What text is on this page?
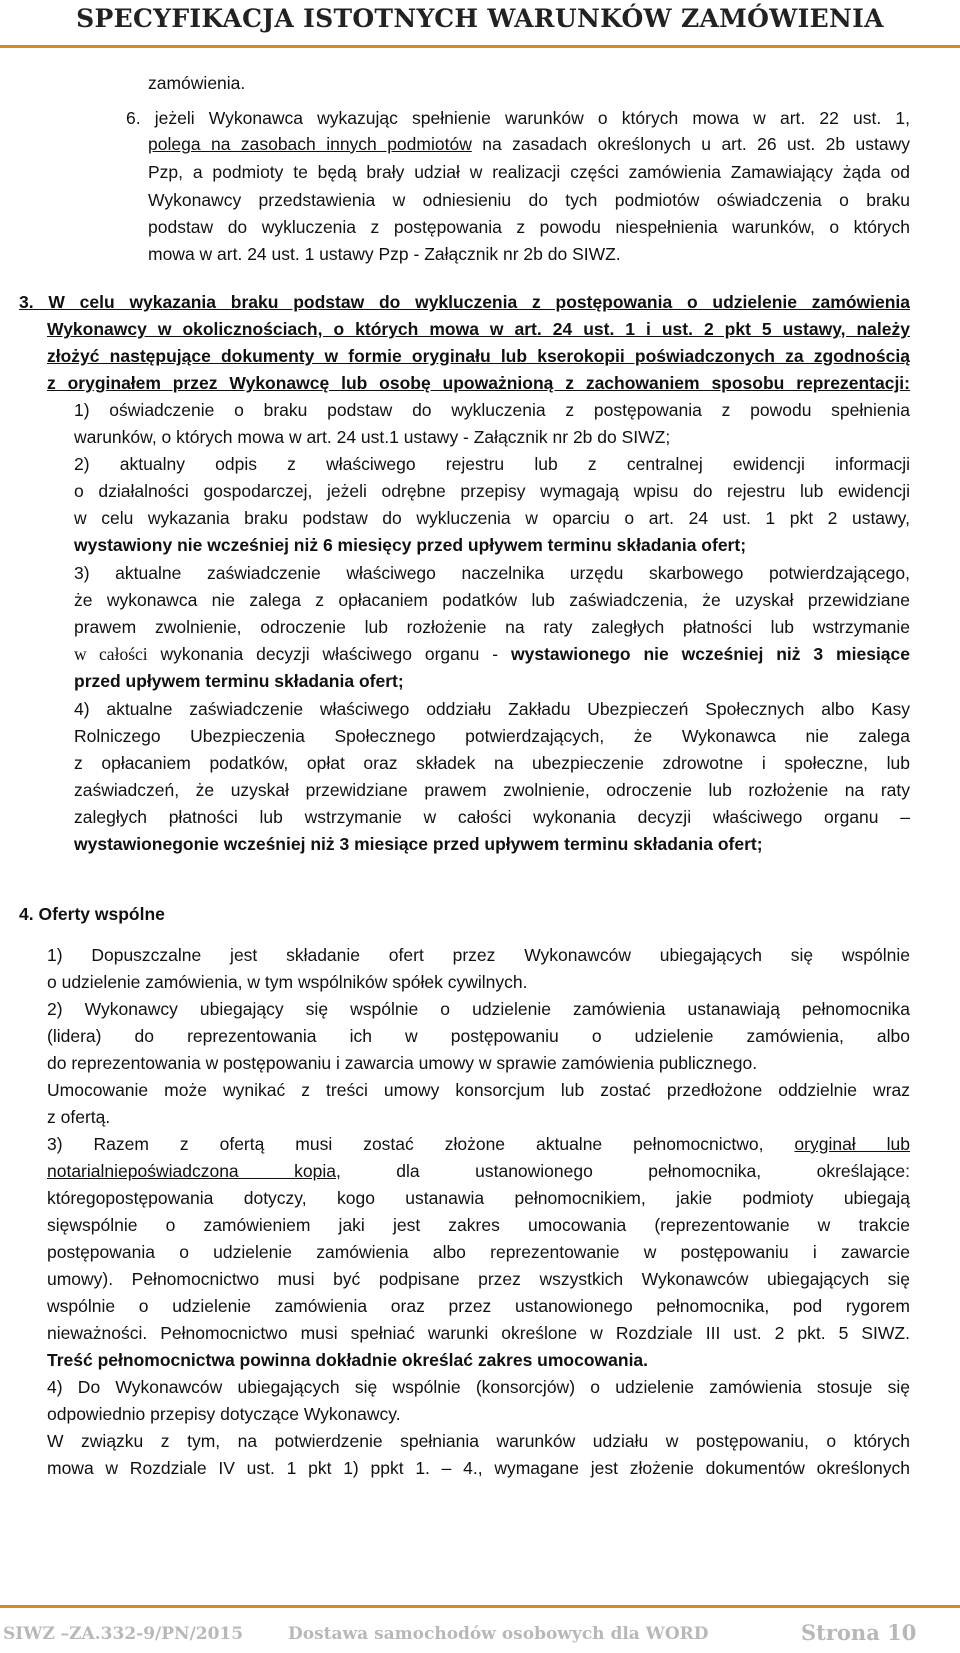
SPECYFIKACJA ISTOTNYCH WARUNKÓW ZAMÓWIENIA
zamówienia.
6. jeżeli Wykonawca wykazując spełnienie warunków o których mowa w art. 22 ust. 1,
polega na zasobach innych podmiotów na zasadach określonych u art. 26 ust. 2b ustawy
Pzp, a podmioty te będą brały udział w realizacji części zamówienia Zamawiający żąda od
Wykonawcy przedstawienia w odniesieniu do tych podmiotów oświadczenia o braku
podstaw do wykluczenia z postępowania z powodu niespełnienia warunków, o których
mowa w art. 24 ust. 1 ustawy Pzp - Załącznik nr 2b do SIWZ.
3. W celu wykazania braku podstaw do wykluczenia z postępowania o udzielenie zamówienia
Wykonawcy w okolicznościach, o których mowa w art. 24 ust. 1 i ust. 2 pkt 5 ustawy, należy
złożyć następujące dokumenty w formie oryginału lub kserokopii poświadczonych za zgodnością
z oryginałem przez Wykonawcę lub osobę upoważnioną z zachowaniem sposobu reprezentacji:
1) oświadczenie o braku podstaw do wykluczenia z postępowania z powodu spełnienia
warunków, o których mowa w art. 24 ust.1 ustawy - Załącznik nr 2b do SIWZ;
2) aktualny odpis z właściwego rejestru lub z centralnej ewidencji informacji
o działalności gospodarczej, jeżeli odrębne przepisy wymagają wpisu do rejestru lub ewidencji
w celu wykazania braku podstaw do wykluczenia w oparciu o art. 24 ust. 1 pkt 2 ustawy,
wystawiony nie wcześniej niż 6 miesięcy przed upływem terminu składania ofert;
3) aktualne zaświadczenie właściwego naczelnika urzędu skarbowego potwierdzającego,
że wykonawca nie zalega z opłacaniem podatków lub zaświadczenia, że uzyskał przewidziane
prawem zwolnienie, odroczenie lub rozłożenie na raty zaległych płatności lub wstrzymanie
w całości wykonania decyzji właściwego organu - wystawionego nie wcześniej niż 3 miesiące
przed upływem terminu składania ofert;
4) aktualne zaświadczenie właściwego oddziału Zakładu Ubezpieczeń Społecznych albo Kasy
Rolniczego Ubezpieczenia Społecznego potwierdzających, że Wykonawca nie zalega
z opłacaniem podatków, opłat oraz składek na ubezpieczenie zdrowotne i społeczne, lub
zaświadczeń, że uzyskał przewidziane prawem zwolnienie, odroczenie lub rozłożenie na raty
zaległych płatności lub wstrzymanie w całości wykonania decyzji właściwego organu –
wystawionegonie wcześniej niż 3 miesiące przed upływem terminu składania ofert;
4. Oferty wspólne
1) Dopuszczalne jest składanie ofert przez Wykonawców ubiegających się wspólnie
o udzielenie zamówienia, w tym wspólników spółek cywilnych.
2) Wykonawcy ubiegający się wspólnie o udzielenie zamówienia ustanawiają pełnomocnika
(lidera) do reprezentowania ich w postępowaniu o udzielenie zamówienia, albo
do reprezentowania w postępowaniu i zawarcia umowy w sprawie zamówienia publicznego.
Umocowanie może wynikać z treści umowy konsorcjum lub zostać przedłożone oddzielnie wraz
z ofertą.
3) Razem z ofertą musi zostać złożone aktualne pełnomocnictwo, oryginał lub
notarialniepoświadczona kopia, dla ustanowionego pełnomocnika, określające:
któregopostępowania dotyczy, kogo ustanawia pełnomocnikiem, jakie podmioty ubiegają
sięwspólnie o zamówieniem jaki jest zakres umocowania (reprezentowanie w trakcie
postępowania o udzielenie zamówienia albo reprezentowanie w postępowaniu i zawarcie
umowy). Pełnomocnictwo musi być podpisane przez wszystkich Wykonawców ubiegających się
wspólnie o udzielenie zamówienia oraz przez ustanowionego pełnomocnika, pod rygorem
nieważności. Pełnomocnictwo musi spełniać warunki określone w Rozdziale III ust. 2 pkt. 5 SIWZ.
Treść pełnomocnictwa powinna dokładnie określać zakres umocowania.
4) Do Wykonawców ubiegających się wspólnie (konsorcjów) o udzielenie zamówienia stosuje się
odpowiednio przepisy dotyczące Wykonawcy.
W związku z tym, na potwierdzenie spełniania warunków udziału w postępowaniu, o których
mowa w Rozdziale IV ust. 1 pkt 1) ppkt 1. – 4., wymagane jest złożenie dokumentów określonych
SIWZ –ZA.332-9/PN/2015	Dostawa samochodów osobowych dla WORD	Strona 10
